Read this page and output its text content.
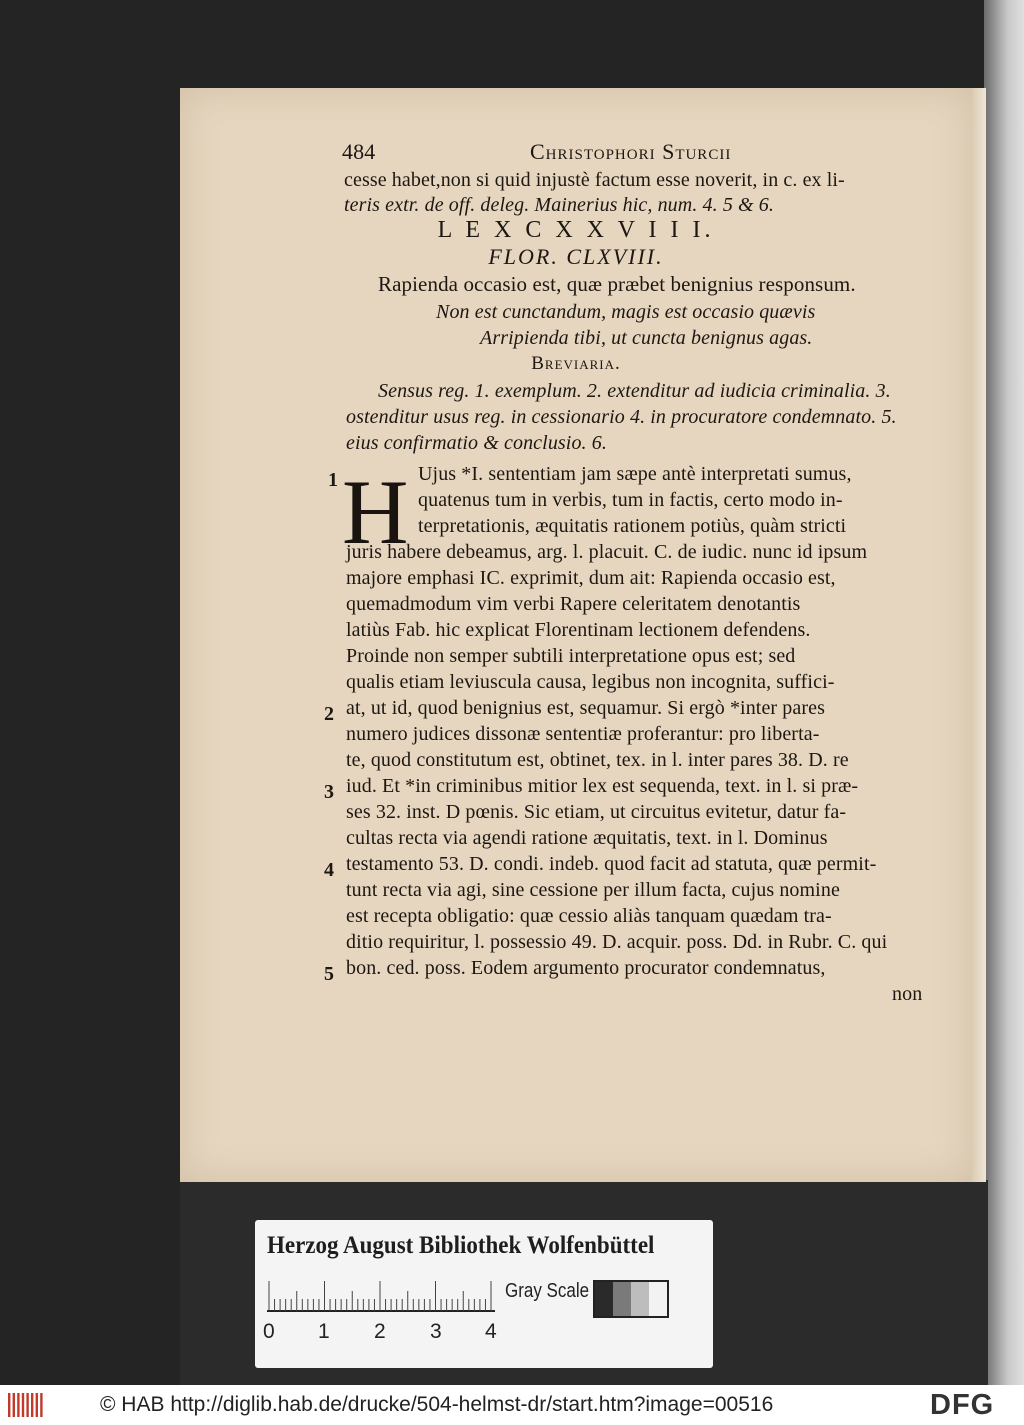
484	Christophori Sturcii
cesse habet,non si quid injustè factum esse noverit, in c. ex li-
teris extr. de off. deleg. Mainerius hic, num. 4. 5 & 6.
L E X C X X V I I I.
FLOR. CLXVIII.
Rapienda occasio est, quæ præbet benignius responsum.
Non est cunctandum, magis est occasio quævis
Arripienda tibi, ut cuncta benignus agas.
Breviaria.
Sensus reg. 1. exemplum. 2. extenditur ad iudicia criminalia. 3.
ostenditur usus reg. in cessionario 4. in procuratore condemnato. 5.
eius confirmatio & conclusio. 6.
H Ujus *I. sententiam jam sæpe antè interpretati sumus,
quatenus tum in verbis, tum in factis, certo modo in-
terpretationis, æquitatis rationem potiùs, quàm stricti
juris habere debeamus, arg. l. placuit. C. de iudic. nunc id ipsum
majore emphasi IC. exprimit, dum ait: Rapienda occasio est,
quemadmodum vim verbi Rapere celeritatem denotantis
latiùs Fab. hic explicat Florentinam lectionem defendens.
Proinde non semper subtili interpretatione opus est; sed
qualis etiam leviuscula causa, legibus non incognita, suffici-
at, ut id, quod benignius est, sequamur. Si ergò *inter pares
numero judices dissonæ sententiæ proferantur: pro liberta-
te, quod constitutum est, obtinet, tex. in l. inter pares 38. D. re
iud. Et *in criminibus mitior lex est sequenda, text. in l. si præ-
ses 32. inst. D pœnis. Sic etiam, ut circuitus evitetur, datur fa-
cultas recta via agendi ratione æquitatis, text. in l. Dominus
testamento 53. D. condi. indeb. quod facit ad statuta, quæ permit-
tunt recta via agi, sine cessione per illum facta, cujus nomine
est recepta obligatio: quæ cessio aliàs tanquam quædam tra-
ditio requiritur, l. possessio 49. D. acquir. poss. Dd. in Rubr. C. qui
bon. ced. poss. Eodem argumento procurator condemnatus,
non
1
2
3
4
5
Herzog August Bibliothek Wolfenbüttel
0 1 2 3 4
Gray Scale
© HAB http://diglib.hab.de/drucke/504-helmst-dr/start.htm?image=00516	DFG
